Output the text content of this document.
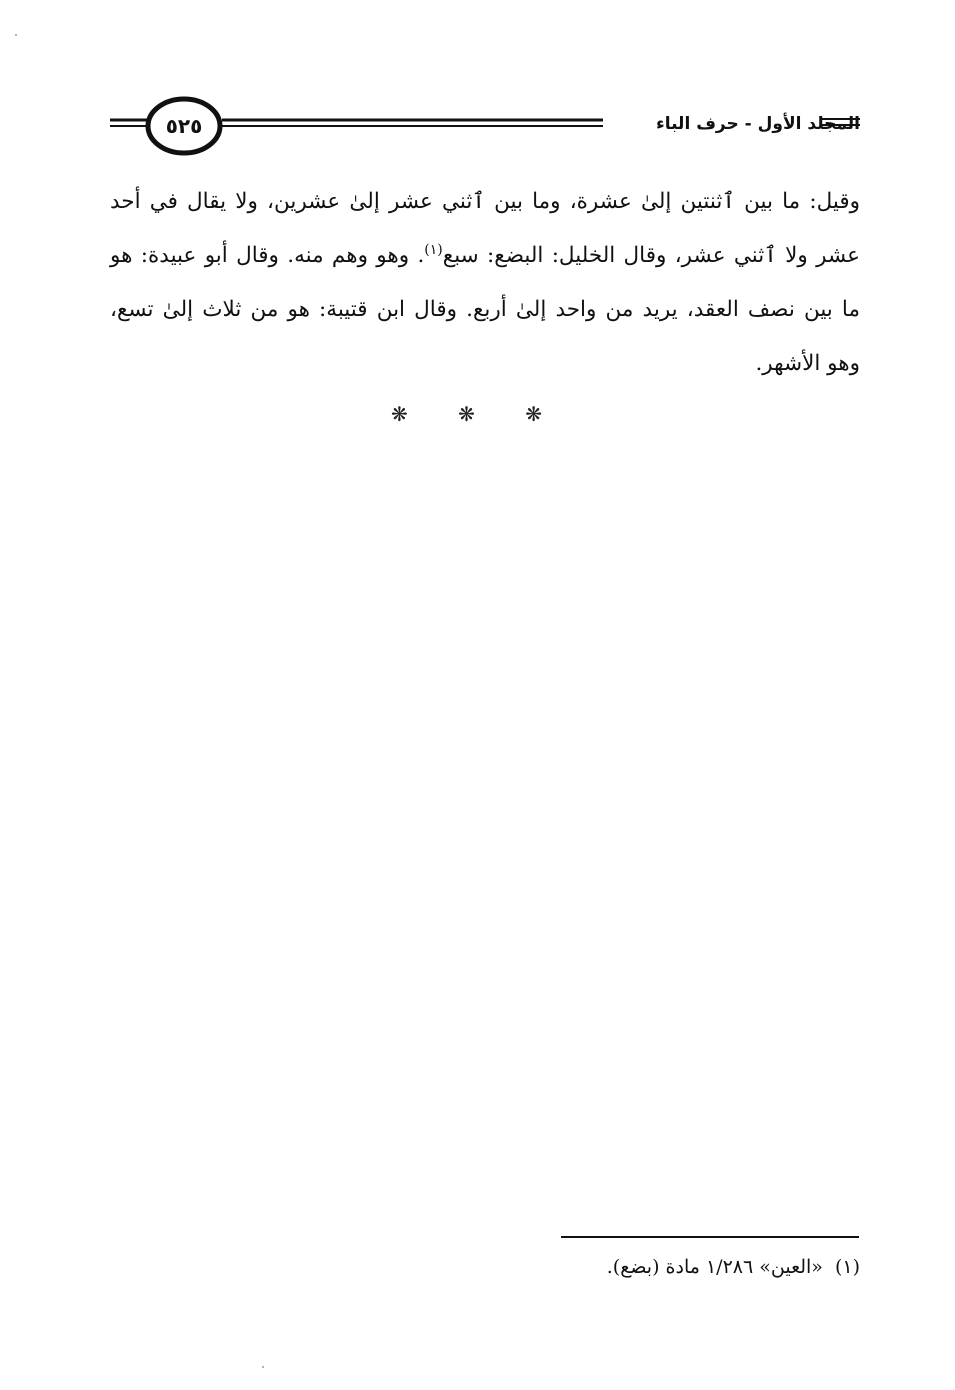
المجلد الأول - حرف الباء
٥٢٥

وقيل: ما بين ٱثنتين إلىٰ عشرة، وما بين ٱثني عشر إلىٰ عشرين، ولا يقال في أحد عشر ولا ٱثني عشر، وقال الخليل: البضع: سبع$^{(١)}$. وهو وهم منه. وقال أبو عبيدة: هو ما بين نصف العقد، يريد من واحد إلىٰ أربع. وقال ابن قتيبة: هو من ثلاث إلىٰ تسع، وهو الأشهر.

❋ ❋ ❋
(١)«العين» ١/٢٨٦ مادة (بضع).
